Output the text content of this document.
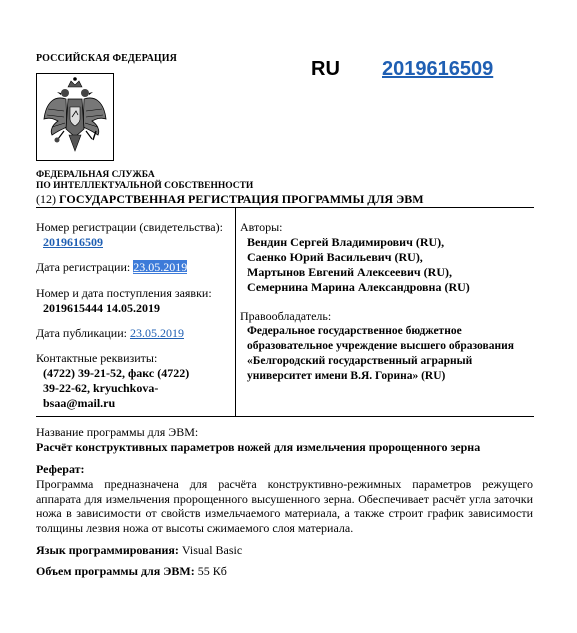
РОССИЙСКАЯ ФЕДЕРАЦИЯ	RU 2019616509
ФЕДЕРАЛЬНАЯ СЛУЖБА
ПО ИНТЕЛЛЕКТУАЛЬНОЙ СОБСТВЕННОСТИ
(12) ГОСУДАРСТВЕННАЯ РЕГИСТРАЦИЯ ПРОГРАММЫ ДЛЯ ЭВМ
Номер регистрации (свидетельства):
2019616509
Дата регистрации: 23.05.2019
Номер и дата поступления заявки:
2019615444 14.05.2019
Дата публикации: 23.05.2019
Контактные реквизиты:
(4722) 39-21-52, факс (4722)
39-22-62, kryuchkova-
bsaa@mail.ru
Авторы:
Вендин Сергей Владимирович (RU),
Саенко Юрий Васильевич (RU),
Мартынов Евгений Алексеевич (RU),
Семернина Марина Александровна (RU)
Правообладатель:
Федеральное государственное бюджетное
образовательное учреждение высшего образования
«Белгородский государственный аграрный
университет имени В.Я. Горина» (RU)
Название программы для ЭВМ:
Расчёт конструктивных параметров ножей для измельчения пророщенного зерна
Реферат:
Программа предназначена для расчёта конструктивно-режимных параметров режущего аппарата для измельчения пророщенного высушенного зерна. Обеспечивает расчёт угла заточки ножа в зависимости от свойств измельчаемого материала, а также строит график зависимости толщины лезвия ножа от высоты сжимаемого слоя материала.
Язык программирования: Visual Basic
Объем программы для ЭВМ: 55 Кб
